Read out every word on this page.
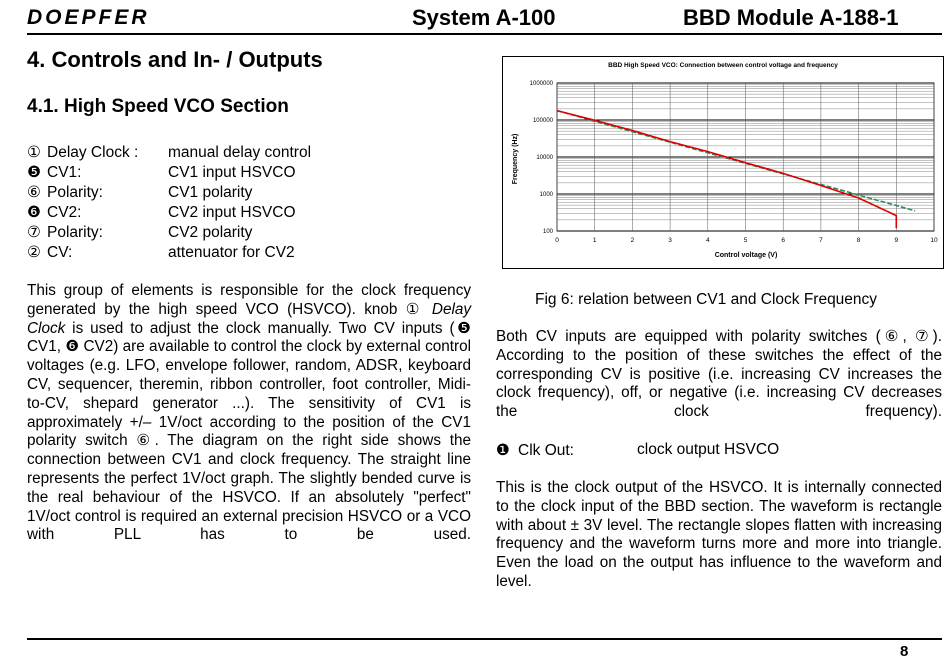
DOEPFER	System A-100	BBD Module A-188-1
4. Controls and In- / Outputs
4.1. High Speed VCO Section
① Delay Clock : manual delay control
❺ CV1:	CV1 input HSVCO
⑥ Polarity:	CV1 polarity
❻ CV2:	CV2 input HSVCO
⑦ Polarity:	CV2 polarity
② CV:	attenuator for CV2
This group of elements is responsible for the clock frequency generated by the high speed VCO (HSVCO). knob ① Delay Clock is used to adjust the clock manually. Two CV inputs (❺ CV1, ❻ CV2) are available to control the clock by external control voltages (e.g. LFO, envelope follower, random, ADSR, keyboard CV, sequencer, theremin, ribbon controller, foot controller, Midi-to-CV, shepard generator ...). The sensitivity of CV1 is approximately +/– 1V/oct according to the position of the CV1 polarity switch ⑥. The diagram on the right side shows the connection between CV1 and clock frequency. The straight line represents the perfect 1V/oct graph. The slightly bended curve is the real behaviour of the HSVCO. If an absolutely "perfect" 1V/oct control is required an external precision HSVCO or a VCO with PLL has to be used.
BBD High Speed VCO: Connection between control voltage and frequency
100
1000
10000
100000
1000000
0	1	2	3	4	5	6	7	8	9	10
Control voltage (V)
Frequency (Hz)
Fig 6: relation between CV1 and Clock Frequency
Both CV inputs are equipped with polarity switches (⑥, ⑦). According to the position of these switches the effect of the corresponding CV is positive (i.e. increasing CV increases the clock frequency), off, or negative (i.e. increasing CV decreases the clock frequency).
❶ Clk Out:	clock output HSVCO
This is the clock output of the HSVCO. It is internally connected to the clock input of the BBD section. The waveform is rectangle with about ± 3V level. The rectangle slopes flatten with increasing frequency and the waveform turns more and more into triangle. Even the load on the output has influence to the waveform and level.
8
